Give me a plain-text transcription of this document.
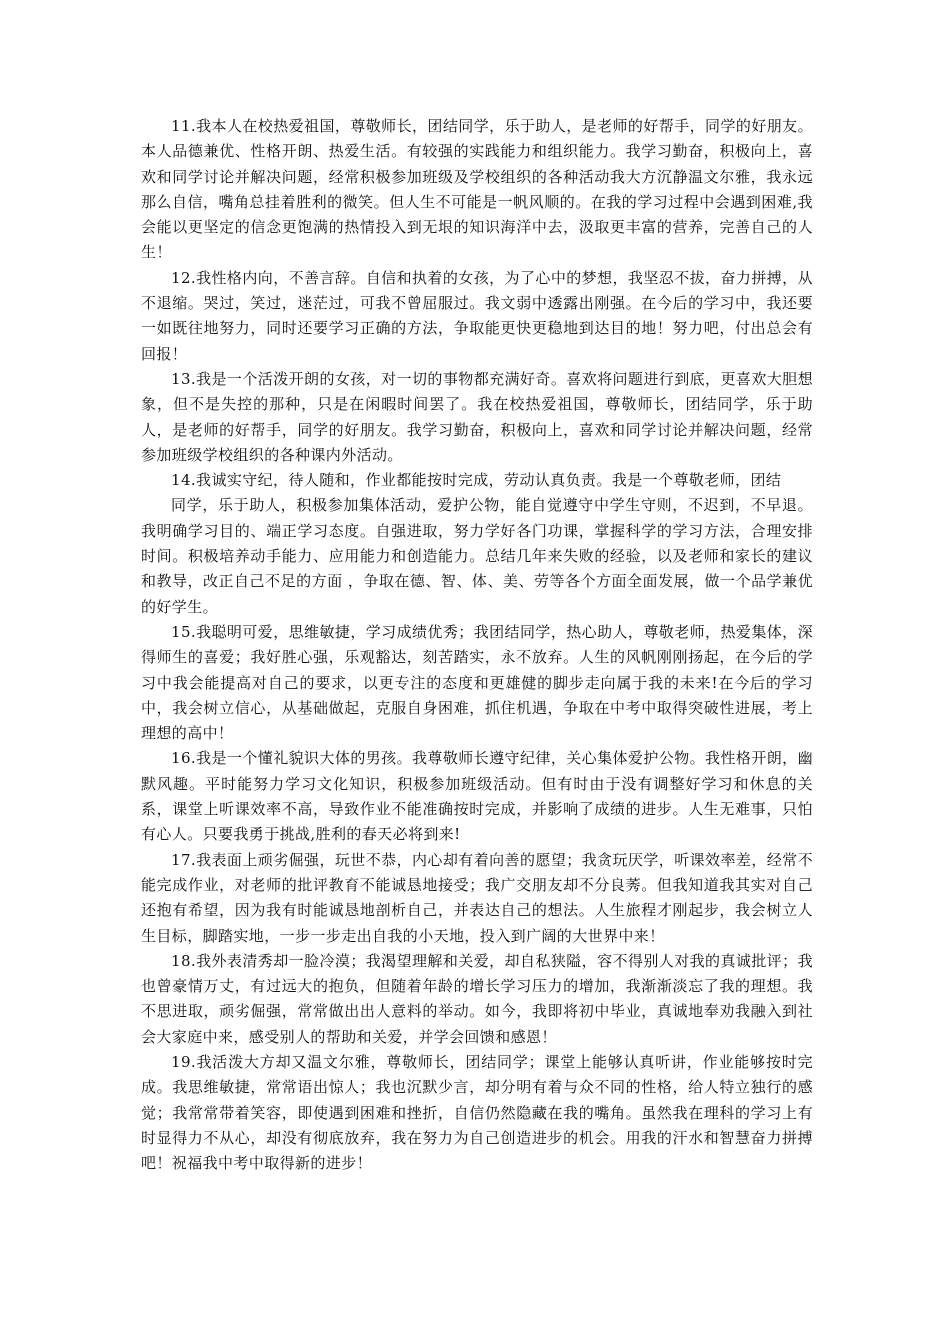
11.我本人在校热爱祖国，尊敬师长，团结同学，乐于助人，是老师的好帮手，同学的好朋友。本人品德兼优、性格开朗、热爱生活。有较强的实践能力和组织能力。我学习勤奋，积极向上，喜欢和同学讨论并解决问题，经常积极参加班级及学校组织的各种活动我大方沉静温文尔雅，我永远那么自信，嘴角总挂着胜利的微笑。但人生不可能是一帆风顺的。在我的学习过程中会遇到困难,我会能以更坚定的信念更饱满的热情投入到无垠的知识海洋中去，汲取更丰富的营养，完善自己的人生！

12.我性格内向，不善言辞。自信和执着的女孩，为了心中的梦想，我坚忍不拔，奋力拼搏，从不退缩。哭过，笑过，迷茫过，可我不曾屈服过。我文弱中透露出刚强。在今后的学习中，我还要一如既往地努力，同时还要学习正确的方法，争取能更快更稳地到达目的地！努力吧，付出总会有回报！

13.我是一个活泼开朗的女孩，对一切的事物都充满好奇。喜欢将问题进行到底，更喜欢大胆想象，但不是失控的那种，只是在闲暇时间罢了。我在校热爱祖国，尊敬师长，团结同学，乐于助人，是老师的好帮手，同学的好朋友。我学习勤奋，积极向上，喜欢和同学讨论并解决问题，经常参加班级学校组织的各种课内外活动。

14.我诚实守纪，待人随和，作业都能按时完成，劳动认真负责。我是一个尊敬老师，团结

同学，乐于助人，积极参加集体活动，爱护公物，能自觉遵守中学生守则，不迟到，不早退。我明确学习目的、端正学习态度。自强进取，努力学好各门功课，掌握科学的学习方法，合理安排时间。积极培养动手能力、应用能力和创造能力。总结几年来失败的经验，以及老师和家长的建议和教导，改正自己不足的方面 ，争取在德、智、体、美、劳等各个方面全面发展，做一个品学兼优的好学生。

15.我聪明可爱，思维敏捷，学习成绩优秀；我团结同学，热心助人，尊敬老师，热爱集体，深得师生的喜爱；我好胜心强，乐观豁达，刻苦踏实，永不放弃。人生的风帆刚刚扬起，在今后的学习中我会能提高对自己的要求，以更专注的态度和更雄健的脚步走向属于我的未来!在今后的学习中，我会树立信心，从基础做起，克服自身困难，抓住机遇，争取在中考中取得突破性进展，考上理想的高中！

16.我是一个懂礼貌识大体的男孩。我尊敬师长遵守纪律，关心集体爱护公物。我性格开朗，幽默风趣。平时能努力学习文化知识，积极参加班级活动。但有时由于没有调整好学习和休息的关系，课堂上听课效率不高，导致作业不能准确按时完成，并影响了成绩的进步。人生无难事，只怕有心人。只要我勇于挑战,胜利的春天必将到来!

17.我表面上顽劣倔强，玩世不恭，内心却有着向善的愿望；我贪玩厌学，听课效率差，经常不能完成作业，对老师的批评教育不能诚恳地接受；我广交朋友却不分良莠。但我知道我其实对自己还抱有希望，因为我有时能诚恳地剖析自己，并表达自己的想法。人生旅程才刚起步，我会树立人生目标，脚踏实地，一步一步走出自我的小天地，投入到广阔的大世界中来！

18.我外表清秀却一脸冷漠；我渴望理解和关爱，却自私狭隘，容不得别人对我的真诚批评；我也曾豪情万丈，有过远大的抱负，但随着年龄的增长学习压力的增加，我渐渐淡忘了我的理想。我不思进取，顽劣倔强，常常做出出人意料的举动。如今，我即将初中毕业，真诚地奉劝我融入到社会大家庭中来，感受别人的帮助和关爱，并学会回馈和感恩！

19.我活泼大方却又温文尔雅，尊敬师长，团结同学；课堂上能够认真听讲，作业能够按时完成。我思维敏捷，常常语出惊人；我也沉默少言，却分明有着与众不同的性格，给人特立独行的感觉；我常常带着笑容，即使遇到困难和挫折，自信仍然隐藏在我的嘴角。虽然我在理科的学习上有时显得力不从心，却没有彻底放弃，我在努力为自己创造进步的机会。用我的汗水和智慧奋力拼搏吧！祝福我中考中取得新的进步！
